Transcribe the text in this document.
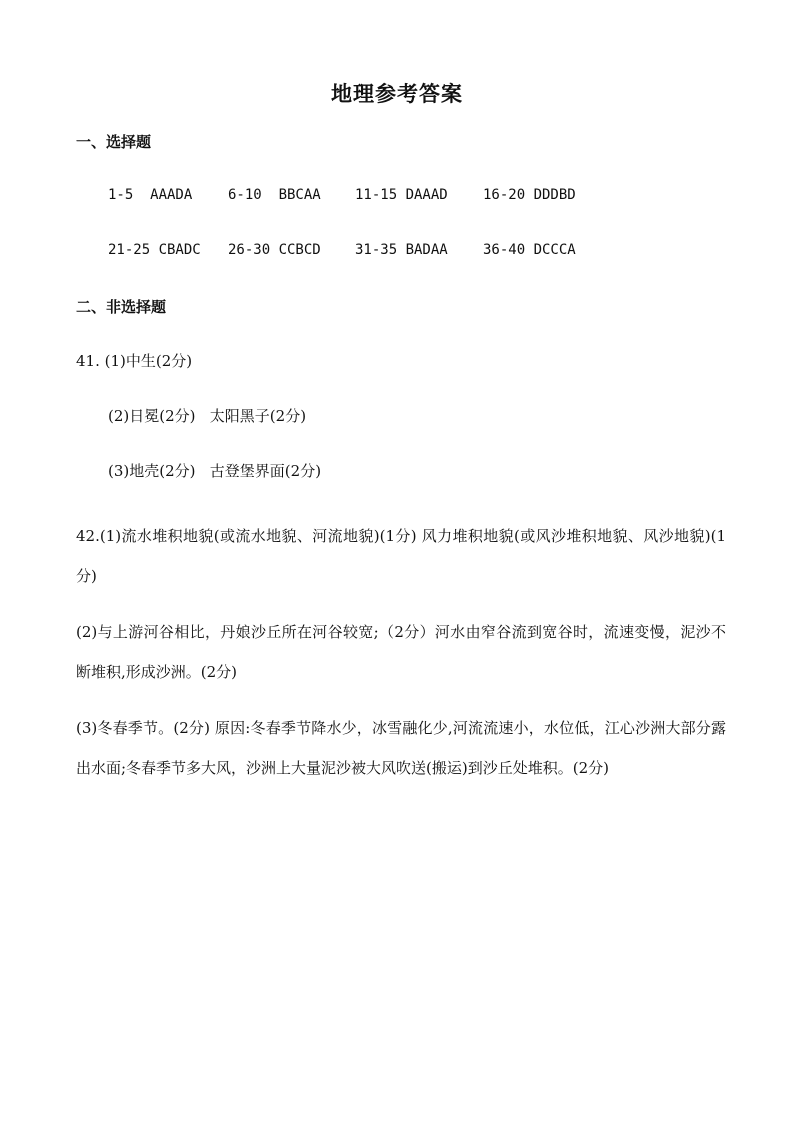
地理参考答案
一、选择题
1-5  AAADA	6-10  BBCAA 11-15 DAAAD	16-20 DDDBD
21-25 CBADC 26-30 CCBCD 31-35 BADAA	36-40 DCCCA
二、非选择题
41. (1)中生(2分)
(2)日冕(2分)   太阳黑子(2分)
(3)地壳(2分)   古登堡界面(2分)
42.(1)流水堆积地貌(或流水地貌、河流地貌)(1分) 风力堆积地貌(或风沙堆积地貌、风沙地貌)(1分)
(2)与上游河谷相比，丹娘沙丘所在河谷较宽;（2分）河水由窄谷流到宽谷时，流速变慢，泥沙不断堆积,形成沙洲。(2分)
(3)冬春季节。(2分) 原因:冬春季节降水少，冰雪融化少,河流流速小，水位低，江心沙洲大部分露出水面;冬春季节多大风，沙洲上大量泥沙被大风吹送(搬运)到沙丘处堆积。(2分)
